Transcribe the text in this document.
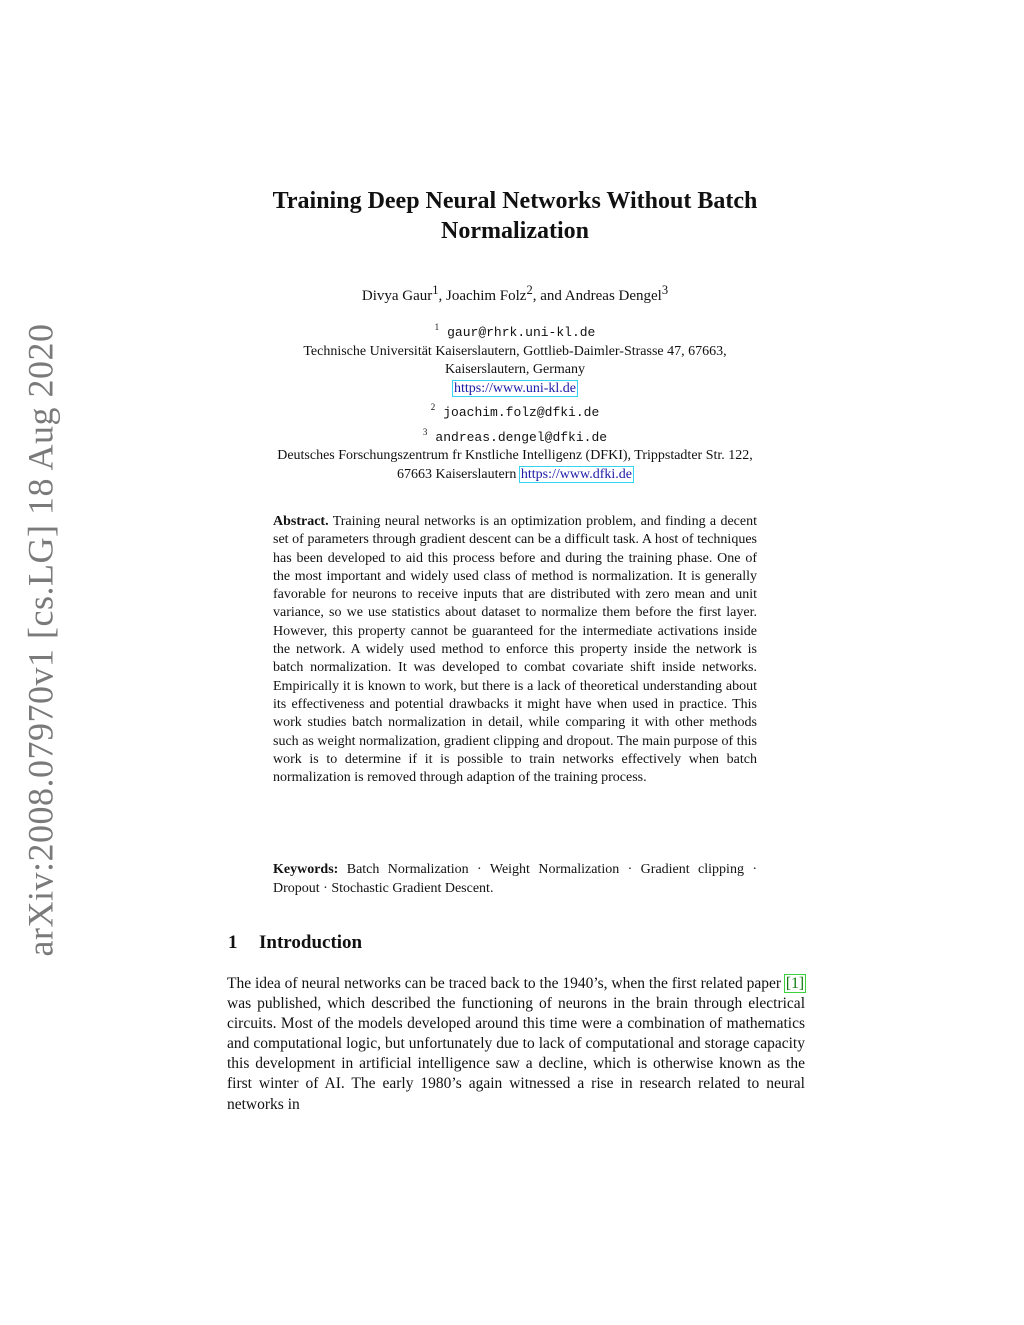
arXiv:2008.07970v1 [cs.LG] 18 Aug 2020
Training Deep Neural Networks Without Batch Normalization
Divya Gaur$^1$, Joachim Folz$^2$, and Andreas Dengel$^3$
$^1$ gaur@rhrk.uni-kl.de
Technische Universität Kaiserslautern, Gottlieb-Daimler-Strasse 47, 67663,
Kaiserslautern, Germany
https://www.uni-kl.de
$^2$ joachim.folz@dfki.de
$^3$ andreas.dengel@dfki.de
Deutsches Forschungszentrum fr Knstliche Intelligenz (DFKI), Trippstadter Str. 122,
67663 Kaiserslautern https://www.dfki.de
Abstract. Training neural networks is an optimization problem, and finding a decent set of parameters through gradient descent can be a difficult task. A host of techniques has been developed to aid this process before and during the training phase. One of the most important and widely used class of method is normalization. It is generally favorable for neurons to receive inputs that are distributed with zero mean and unit variance, so we use statistics about dataset to normalize them before the first layer. However, this property cannot be guaranteed for the intermediate activations inside the network. A widely used method to enforce this property inside the network is batch normalization. It was developed to combat covariate shift inside networks. Empirically it is known to work, but there is a lack of theoretical understanding about its effectiveness and potential drawbacks it might have when used in practice. This work studies batch normalization in detail, while comparing it with other methods such as weight normalization, gradient clipping and dropout. The main purpose of this work is to determine if it is possible to train networks effectively when batch normalization is removed through adaption of the training process.
Keywords: Batch Normalization · Weight Normalization · Gradient clipping · Dropout · Stochastic Gradient Descent.
1 Introduction
The idea of neural networks can be traced back to the 1940’s, when the first related paper [1] was published, which described the functioning of neurons in the brain through electrical circuits. Most of the models developed around this time were a combination of mathematics and computational logic, but unfortunately due to lack of computational and storage capacity this development in artificial intelligence saw a decline, which is otherwise known as the first winter of AI. The early 1980’s again witnessed a rise in research related to neural networks in
